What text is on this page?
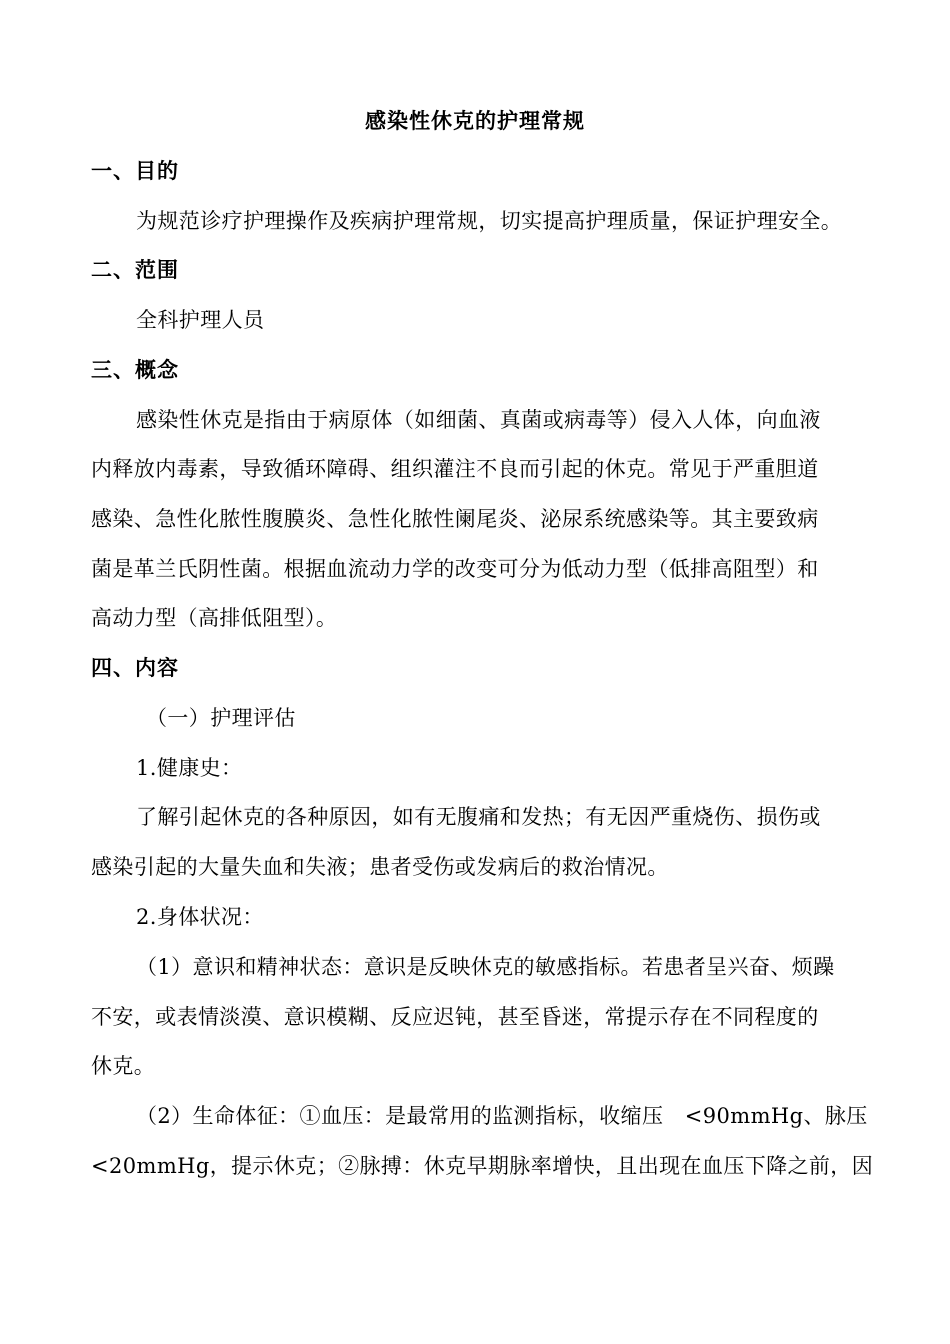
感染性休克的护理常规
一、目的
为规范诊疗护理操作及疾病护理常规，切实提高护理质量，保证护理安全。
二、范围
全科护理人员
三、概念
感染性休克是指由于病原体（如细菌、真菌或病毒等）侵入人体，向血液
内释放内毒素，导致循环障碍、组织灌注不良而引起的休克。常见于严重胆道
感染、急性化脓性腹膜炎、急性化脓性阑尾炎、泌尿系统感染等。其主要致病
菌是革兰氏阴性菌。根据血流动力学的改变可分为低动力型（低排高阻型）和
高动力型（高排低阻型）。
四、内容
（一）护理评估
1.健康史：
了解引起休克的各种原因，如有无腹痛和发热；有无因严重烧伤、损伤或
感染引起的大量失血和失液；患者受伤或发病后的救治情况。
2.身体状况：
（1）意识和精神状态：意识是反映休克的敏感指标。若患者呈兴奋、烦躁
不安，或表情淡漠、意识模糊、反应迟钝，甚至昏迷，常提示存在不同程度的
休克。
（2）生命体征：①血压：是最常用的监测指标，收缩压　<90mmHg、脉压
<20mmHg，提示休克；②脉搏：休克早期脉率增快，且出现在血压下降之前，因
